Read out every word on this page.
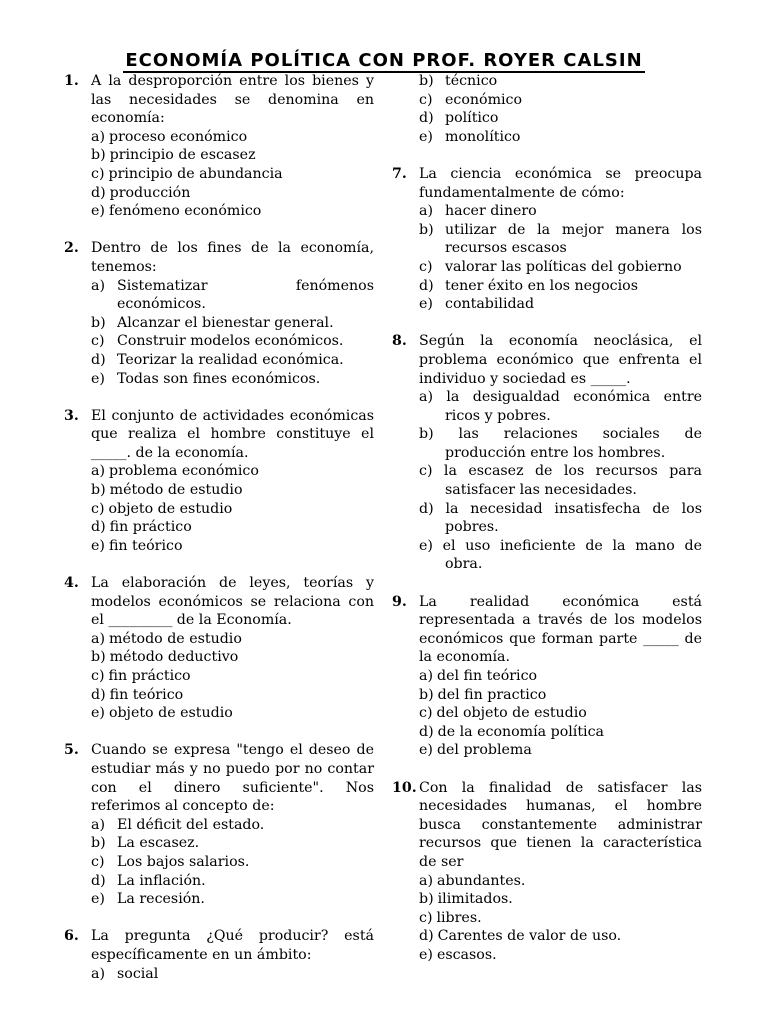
ECONOMÍA POLÍTICA CON PROF. ROYER CALSIN
1. A la desproporción entre los bienes y las necesidades se denomina en economía:
a) proceso económico
b) principio de escasez
c) principio de abundancia
d) producción
e) fenómeno económico
2. Dentro de los fines de la economía, tenemos:
a) Sistematizar fenómenos económicos.
b) Alcanzar el bienestar general.
c) Construir modelos económicos.
d) Teorizar la realidad económica.
e) Todas son fines económicos.
3. El conjunto de actividades económicas que realiza el hombre constituye el _____. de la economía.
a) problema económico
b) método de estudio
c) objeto de estudio
d) fin práctico
e) fin teórico
4. La elaboración de leyes, teorías y modelos económicos se relaciona con el _________ de la Economía.
a) método de estudio
b) método deductivo
c) fin práctico
d) fin teórico
e) objeto de estudio
5. Cuando se expresa "tengo el deseo de estudiar más y no puedo por no contar con el dinero suficiente". Nos referimos al concepto de:
a) El déficit del estado.
b) La escasez.
c) Los bajos salarios.
d) La inflación.
e) La recesión.
6. La pregunta ¿Qué producir? está específicamente en un ámbito:
a) social
b) técnico
c) económico
d) político
e) monolítico
7. La ciencia económica se preocupa fundamentalmente de cómo:
a) hacer dinero
b) utilizar de la mejor manera los recursos escasos
c) valorar las políticas del gobierno
d) tener éxito en los negocios
e) contabilidad
8. Según la economía neoclásica, el problema económico que enfrenta el individuo y sociedad es _____.
a) la desigualdad económica entre ricos y pobres.
b) las relaciones sociales de producción entre los hombres.
c) la escasez de los recursos para satisfacer las necesidades.
d) la necesidad insatisfecha de los pobres.
e) el uso ineficiente de la mano de obra.
9. La realidad económica está representada a través de los modelos económicos que forman parte _____ de la economía.
a) del fin teórico
b) del fin practico
c) del objeto de estudio
d) de la economía política
e) del problema
10. Con la finalidad de satisfacer las necesidades humanas, el hombre busca constantemente administrar recursos que tienen la característica de ser
a) abundantes.
b) ilimitados.
c) libres.
d) Carentes de valor de uso.
e) escasos.
